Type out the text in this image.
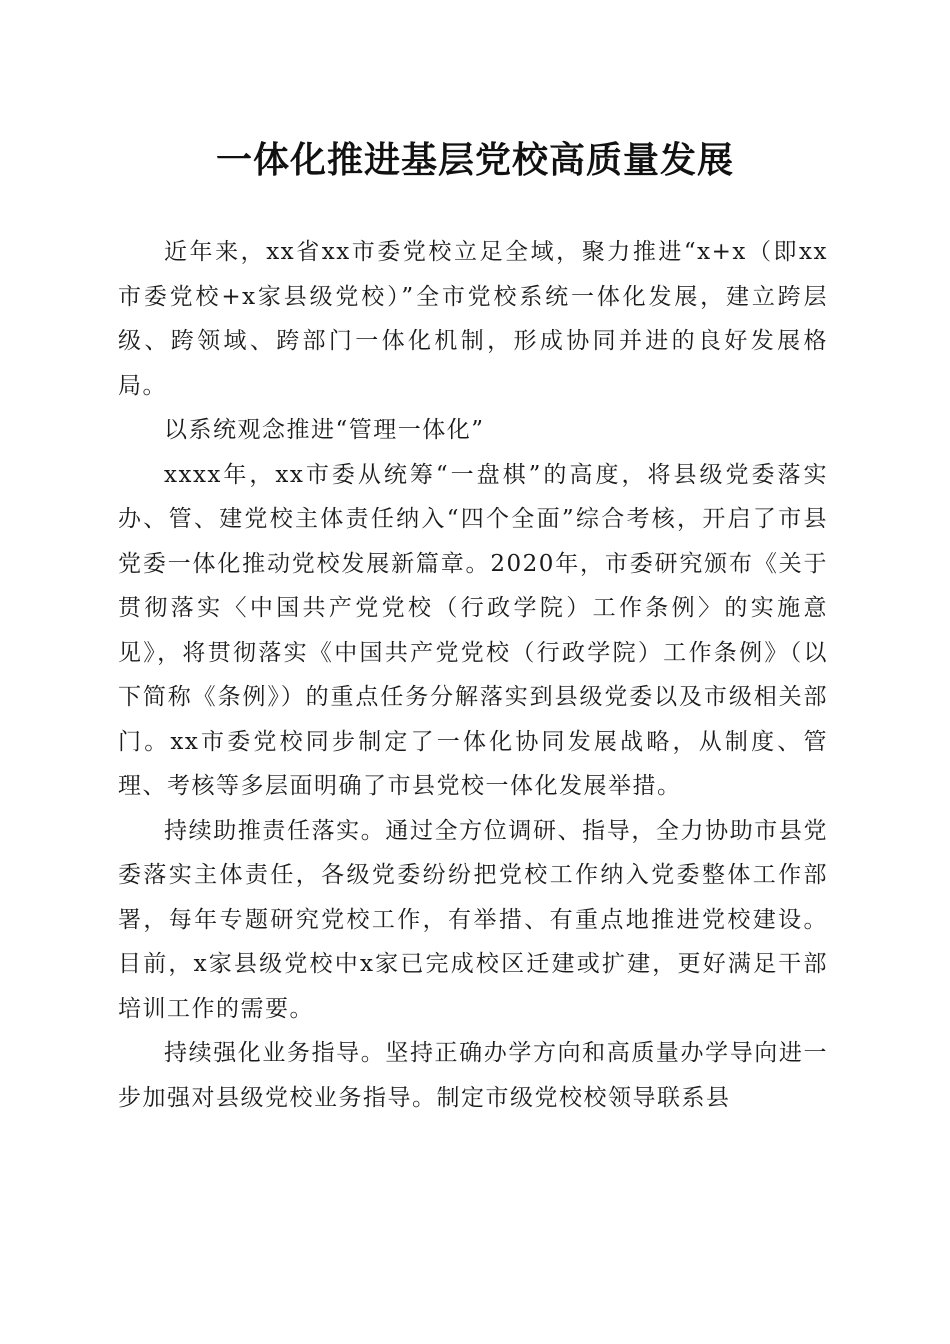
一体化推进基层党校高质量发展

近年来，xx省xx市委党校立足全域，聚力推进“x+x（即xx市委党校+x家县级党校）”全市党校系统一体化发展，建立跨层级、跨领域、跨部门一体化机制，形成协同并进的良好发展格局。

以系统观念推进“管理一体化”

xxxx年，xx市委从统筹“一盘棋”的高度，将县级党委落实办、管、建党校主体责任纳入“四个全面”综合考核，开启了市县党委一体化推动党校发展新篇章。2020年，市委研究颁布《关于贯彻落实〈中国共产党党校（行政学院）工作条例〉的实施意见》，将贯彻落实《中国共产党党校（行政学院）工作条例》（以下简称《条例》）的重点任务分解落实到县级党委以及市级相关部门。xx市委党校同步制定了一体化协同发展战略，从制度、管理、考核等多层面明确了市县党校一体化发展举措。

持续助推责任落实。通过全方位调研、指导，全力协助市县党委落实主体责任，各级党委纷纷把党校工作纳入党委整体工作部署，每年专题研究党校工作，有举措、有重点地推进党校建设。目前，x家县级党校中x家已完成校区迁建或扩建，更好满足干部培训工作的需要。

持续强化业务指导。坚持正确办学方向和高质量办学导向进一步加强对县级党校业务指导。制定市级党校校领导联系县
